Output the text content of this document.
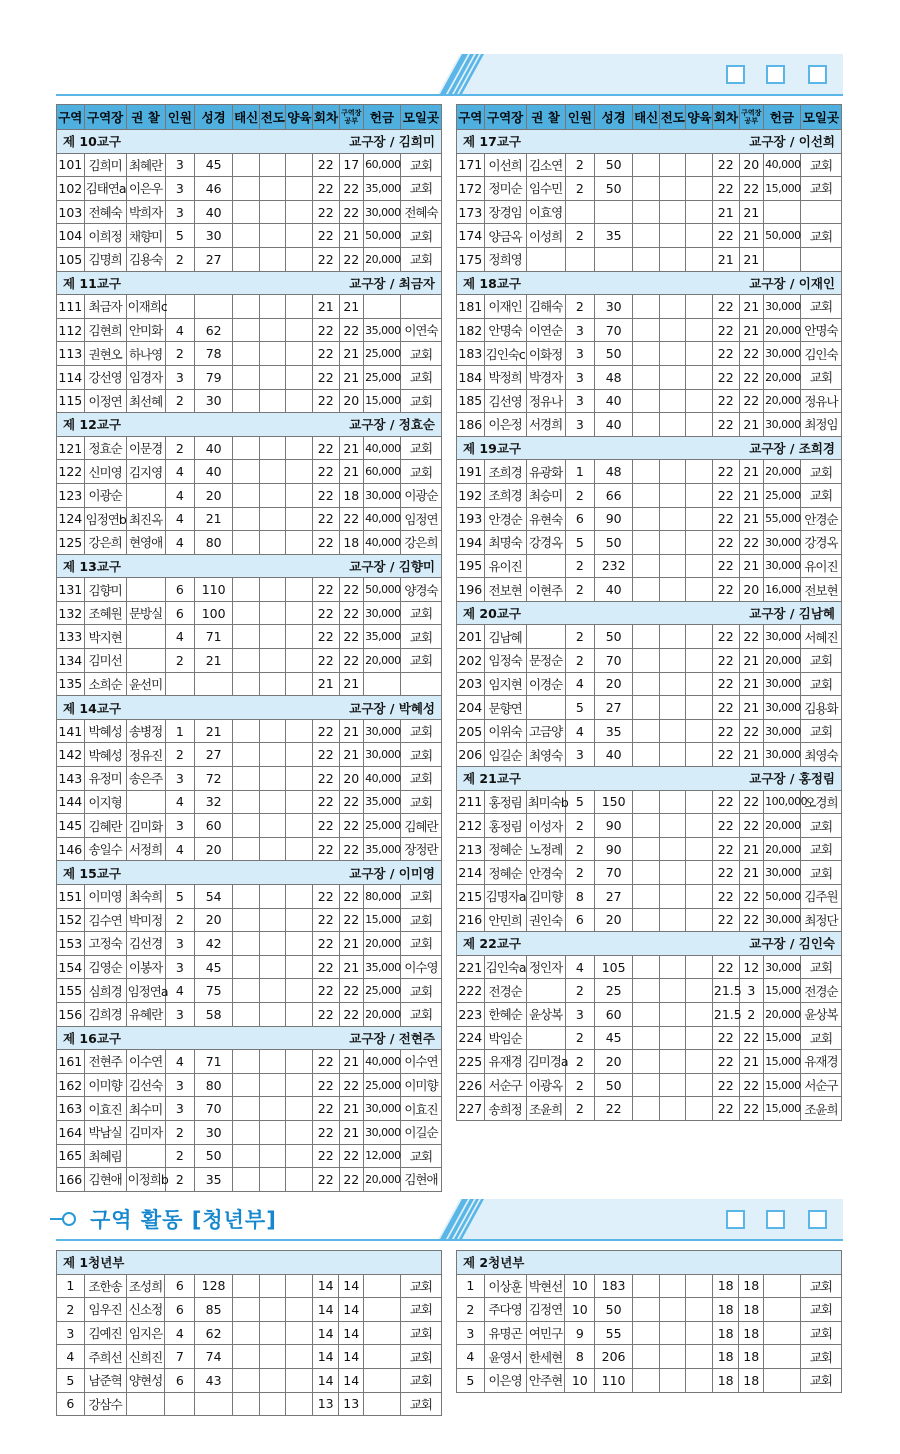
구역	구역장	권 찰	인원	성경	태신	전도	양육	회차	구역장
공부	헌금	모일곳
제 10교구 교구장 / 김희미											

101	김희미	최혜란	3	45				22	17	60,000	교회
102	김태연a	이은우	3	46				22	22	35,000	교회
103	전혜숙	박희자	3	40				22	22	30,000	전혜숙
104	이희정	채향미	5	30				22	21	50,000	교회
105	김명희	김용숙	2	27				22	22	20,000	교회
제 11교구 교구장 / 최금자											

111	최금자	이재희c						21	21		
112	김현희	안미화	4	62				22	22	35,000	이연숙
113	권현오	하나영	2	78				22	21	25,000	교회
114	강선영	임경자	3	79				22	21	25,000	교회
115	이정연	최선혜	2	30				22	20	15,000	교회
제 12교구 교구장 / 정효순											

121	정효순	이문경	2	40				22	21	40,000	교회
122	신미영	김지영	4	40				22	21	60,000	교회
123	이광순		4	20				22	18	30,000	이광순
124	임정연b	최진옥	4	21				22	22	40,000	임정연
125	강은희	현영애	4	80				22	18	40,000	강은희
제 13교구 교구장 / 김향미											

131	김향미		6	110				22	22	50,000	양경숙
132	조혜원	문방실	6	100				22	22	30,000	교회
133	박지현		4	71				22	22	35,000	교회
134	김미선		2	21				22	22	20,000	교회
135	소희순	윤선미						21	21		
제 14교구 교구장 / 박혜성											

141	박혜성	송병정	1	21				22	21	30,000	교회
142	박혜성	정유진	2	27				22	21	30,000	교회
143	유정미	송은주	3	72				22	20	40,000	교회
144	이지형		4	32				22	22	35,000	교회
145	김혜란	김미화	3	60				22	22	25,000	김혜란
146	송일수	서정희	4	20				22	22	35,000	장정란
제 15교구 교구장 / 이미영											

151	이미영	최숙희	5	54				22	22	80,000	교회
152	김수연	박미정	2	20				22	22	15,000	교회
153	고정숙	김선경	3	42				22	21	20,000	교회
154	김영순	이봉자	3	45				22	21	35,000	이수영
155	심희경	임정연a	4	75				22	22	25,000	교회
156	김희경	유혜란	3	58				22	22	20,000	교회
제 16교구 교구장 / 전현주											

161	전현주	이수연	4	71				22	21	40,000	이수연
162	이미향	김선숙	3	80				22	22	25,000	이미향
163	이효진	최수미	3	70				22	21	30,000	이효진
164	박남실	김미자	2	30				22	21	30,000	이길순
165	최혜림		2	50				22	22	12,000	교회
166	김현애	이정희b	2	35				22	22	20,000	김현애
구역	구역장	권 찰	인원	성경	태신	전도	양육	회차	구역장
공부	헌금	모일곳
제 17교구 교구장 / 이선희											

171	이선희	김소연	2	50				22	20	40,000	교회
172	정미순	임수민	2	50				22	22	15,000	교회
173	장경임	이효영						21	21		
174	양금옥	이성희	2	35				22	21	50,000	교회
175	정희영							21	21		
제 18교구 교구장 / 이재인											

181	이재인	김해숙	2	30				22	21	30,000	교회
182	안명숙	이연순	3	70				22	21	20,000	안명숙
183	김인숙c	이화정	3	50				22	22	30,000	김인숙
184	박정희	박경자	3	48				22	22	20,000	교회
185	김선영	정유나	3	40				22	22	20,000	정유나
186	이은정	서경희	3	40				22	21	30,000	최정임
제 19교구 교구장 / 조희경											

191	조희경	유광화	1	48				22	21	20,000	교회
192	조희경	최승미	2	66				22	21	25,000	교회
193	안경순	유현숙	6	90				22	21	55,000	안경순
194	최명숙	강경옥	5	50				22	22	30,000	강경옥
195	유이진		2	232				22	21	30,000	유이진
196	전보현	이현주	2	40				22	20	16,000	전보현
제 20교구 교구장 / 김남혜											

201	김남혜		2	50				22	22	30,000	서혜진
202	임정숙	문정순	2	70				22	21	20,000	교회
203	임지현	이경순	4	20				22	21	30,000	교회
204	문향연		5	27				22	21	30,000	김용화
205	이위숙	고금양	4	35				22	22	30,000	교회
206	임길순	최영숙	3	40				22	21	30,000	최영숙
제 21교구 교구장 / 홍정림											

211	홍정림	최미숙b	5	150				22	22	100,000	오경희
212	홍정림	이성자	2	90				22	22	20,000	교회
213	정혜순	노정례	2	90				22	21	20,000	교회
214	정혜순	안경숙	2	70				22	21	30,000	교회
215	김명자a	김미향	8	27				22	22	50,000	김주원
216	안민희	권인숙	6	20				22	22	30,000	최정단
제 22교구 교구장 / 김인숙											

221	김인숙a	정인자	4	105				22	12	30,000	교회
222	전경순		2	25				21.5	3	15,000	전경순
223	한혜순	윤상복	3	60				21.5	2	20,000	윤상복
224	박임순		2	45				22	22	15,000	교회
225	유재경	김미경a	2	20				22	21	15,000	유재경
226	서순구	이광옥	2	50				22	22	15,000	서순구
227	송희정	조윤희	2	22				22	22	15,000	조윤희
구역 활동 [청년부]
제 1청년부											
1	조한송	조성희	6	128				14	14		교회
2	임우진	신소정	6	85				14	14		교회
3	김예진	임지은	4	62				14	14		교회
4	주희선	신희진	7	74				14	14		교회
5	남준혁	양현성	6	43				14	14		교회
6	강삼수							13	13		교회
제 2청년부											
1	이상훈	박현선	10	183				18	18		교회
2	주다영	김정연	10	50				18	18		교회
3	유명곤	여민구	9	55				18	18		교회
4	윤영서	한세현	8	206				18	18		교회
5	이은영	안주현	10	110				18	18		교회
